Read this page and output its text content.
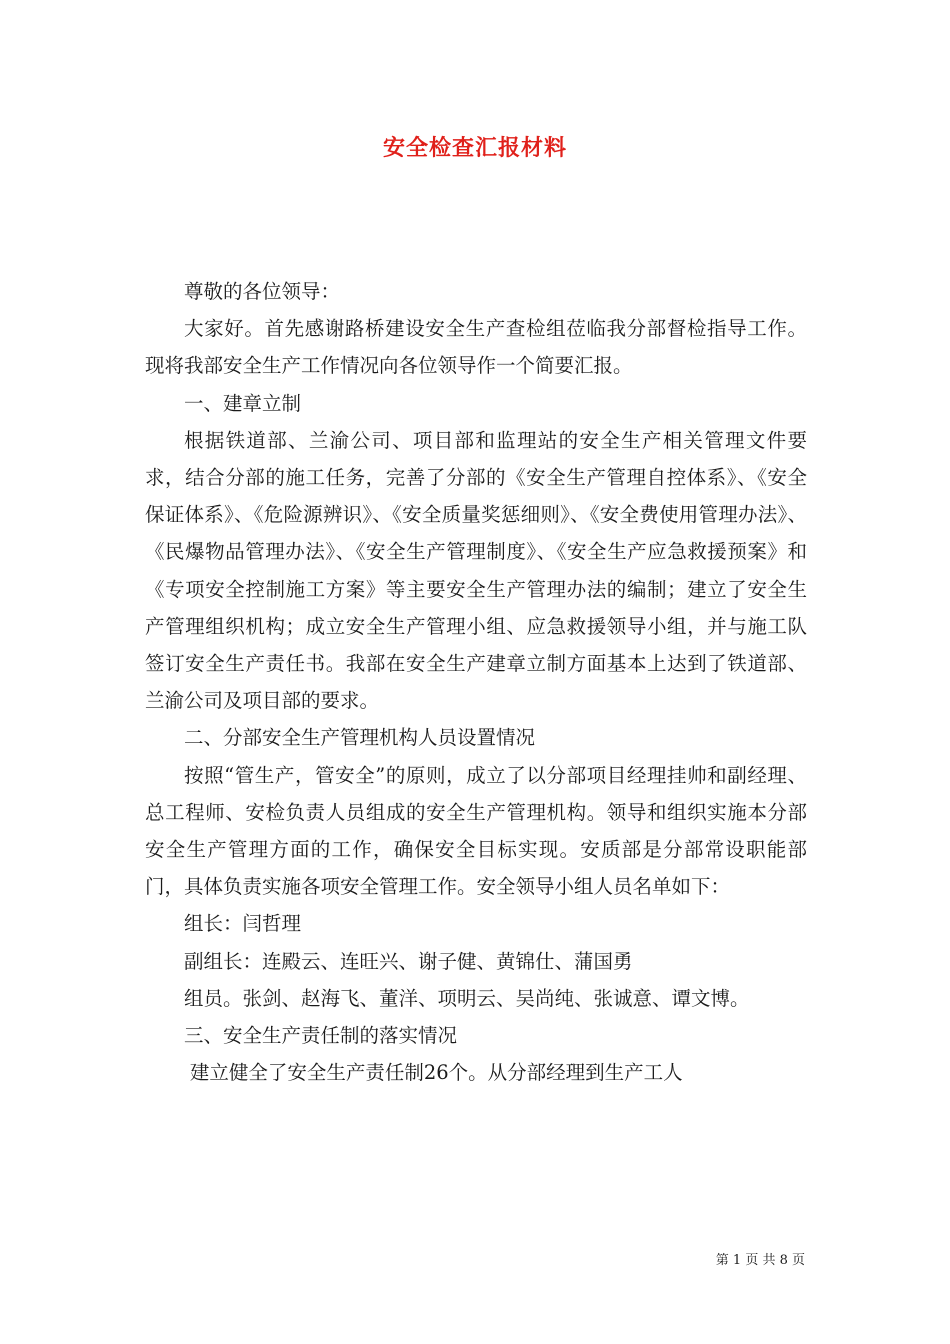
安全检查汇报材料

尊敬的各位领导：

大家好。首先感谢路桥建设安全生产查检组莅临我分部督检指导工作。现将我部安全生产工作情况向各位领导作一个简要汇报。

一、建章立制

根据铁道部、兰渝公司、项目部和监理站的安全生产相关管理文件要求，结合分部的施工任务，完善了分部的《安全生产管理自控体系》、《安全保证体系》、《危险源辨识》、《安全质量奖惩细则》、《安全费使用管理办法》、《民爆物品管理办法》、《安全生产管理制度》、《安全生产应急救援预案》和《专项安全控制施工方案》等主要安全生产管理办法的编制；建立了安全生产管理组织机构；成立安全生产管理小组、应急救援领导小组，并与施工队签订安全生产责任书。我部在安全生产建章立制方面基本上达到了铁道部、兰渝公司及项目部的要求。

二、分部安全生产管理机构人员设置情况

按照“管生产，管安全”的原则，成立了以分部项目经理挂帅和副经理、总工程师、安检负责人员组成的安全生产管理机构。领导和组织实施本分部安全生产管理方面的工作，确保安全目标实现。安质部是分部常设职能部门，具体负责实施各项安全管理工作。安全领导小组人员名单如下：

组长：闫哲理

副组长：连殿云、连旺兴、谢子健、黄锦仕、蒲国勇

组员。张剑、赵海飞、董洋、项明云、吴尚纯、张诚意、谭文博。

三、安全生产责任制的落实情况

建立健全了安全生产责任制26个。从分部经理到生产工人

第 1 页 共 8 页
